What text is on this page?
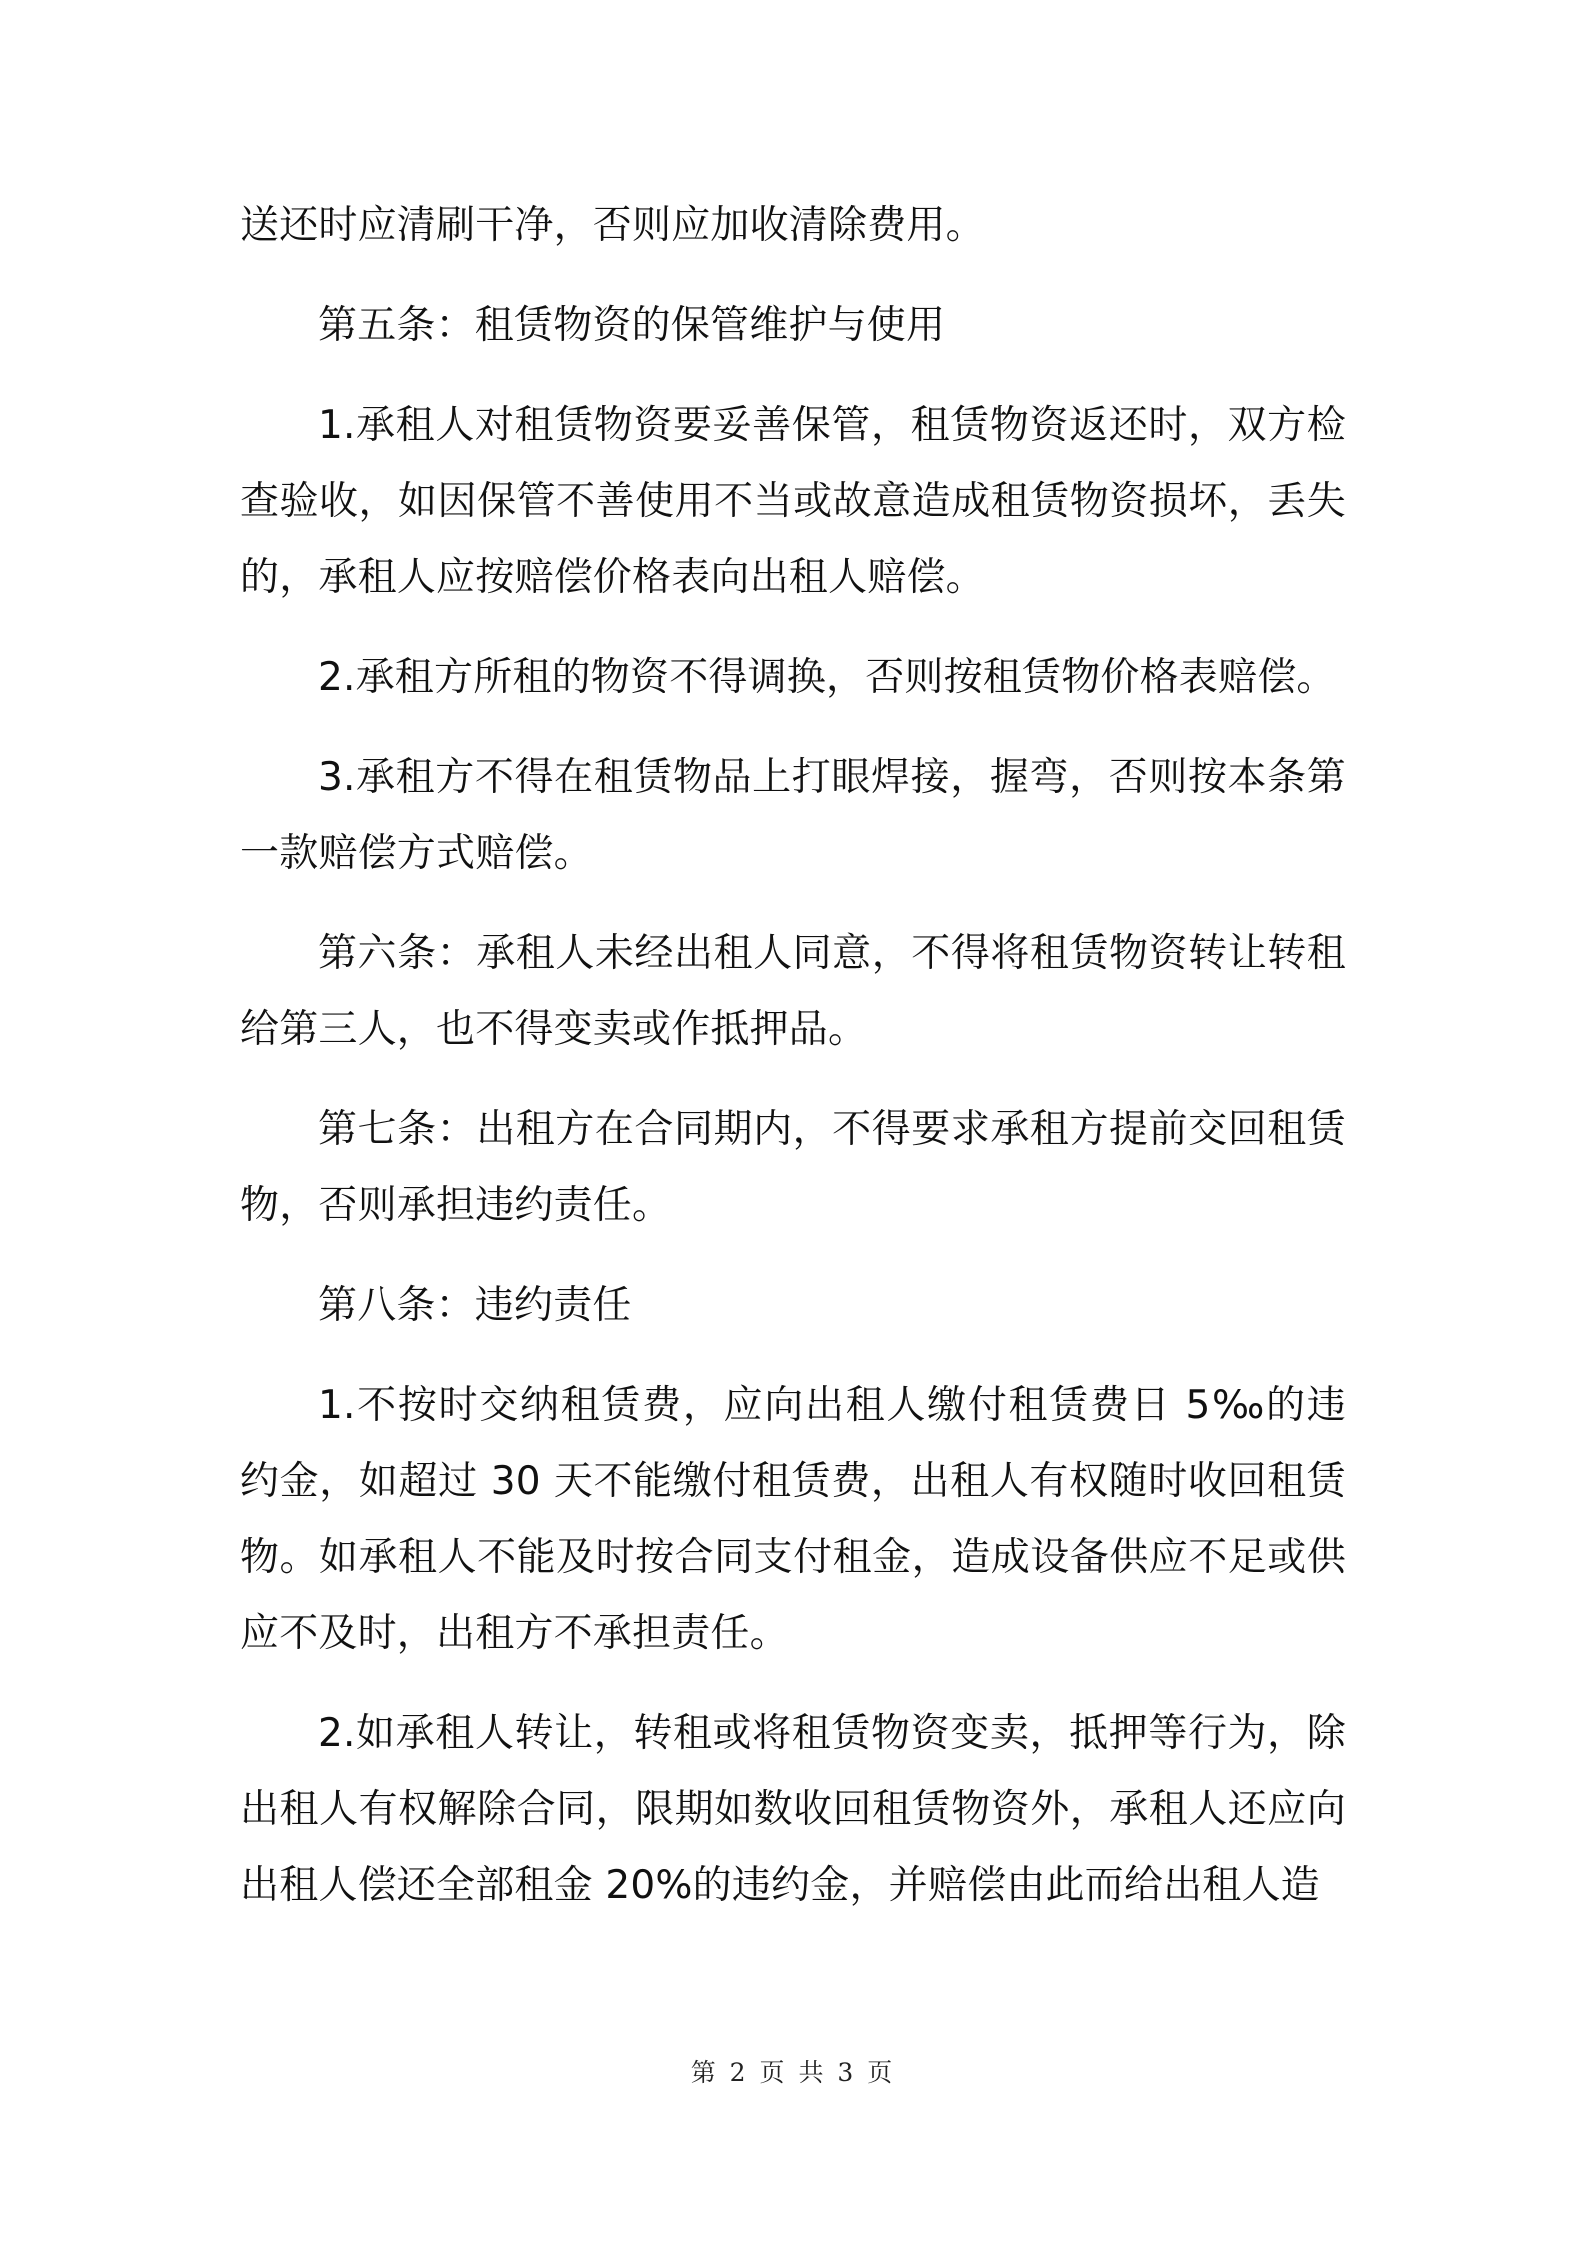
送还时应清刷干净，否则应加收清除费用。

第五条：租赁物资的保管维护与使用

1.承租人对租赁物资要妥善保管，租赁物资返还时，双方检查验收，如因保管不善使用不当或故意造成租赁物资损坏，丢失的，承租人应按赔偿价格表向出租人赔偿。

2.承租方所租的物资不得调换，否则按租赁物价格表赔偿。

3.承租方不得在租赁物品上打眼焊接，握弯，否则按本条第一款赔偿方式赔偿。

第六条：承租人未经出租人同意，不得将租赁物资转让转租给第三人，也不得变卖或作抵押品。

第七条：出租方在合同期内，不得要求承租方提前交回租赁物，否则承担违约责任。

第八条：违约责任

1.不按时交纳租赁费，应向出租人缴付租赁费日 5‰的违约金，如超过 30 天不能缴付租赁费，出租人有权随时收回租赁物。如承租人不能及时按合同支付租金，造成设备供应不足或供应不及时，出租方不承担责任。

2.如承租人转让，转租或将租赁物资变卖，抵押等行为，除出租人有权解除合同，限期如数收回租赁物资外，承租人还应向出租人偿还全部租金 20%的违约金，并赔偿由此而给出租人造

第 2 页 共 3 页
